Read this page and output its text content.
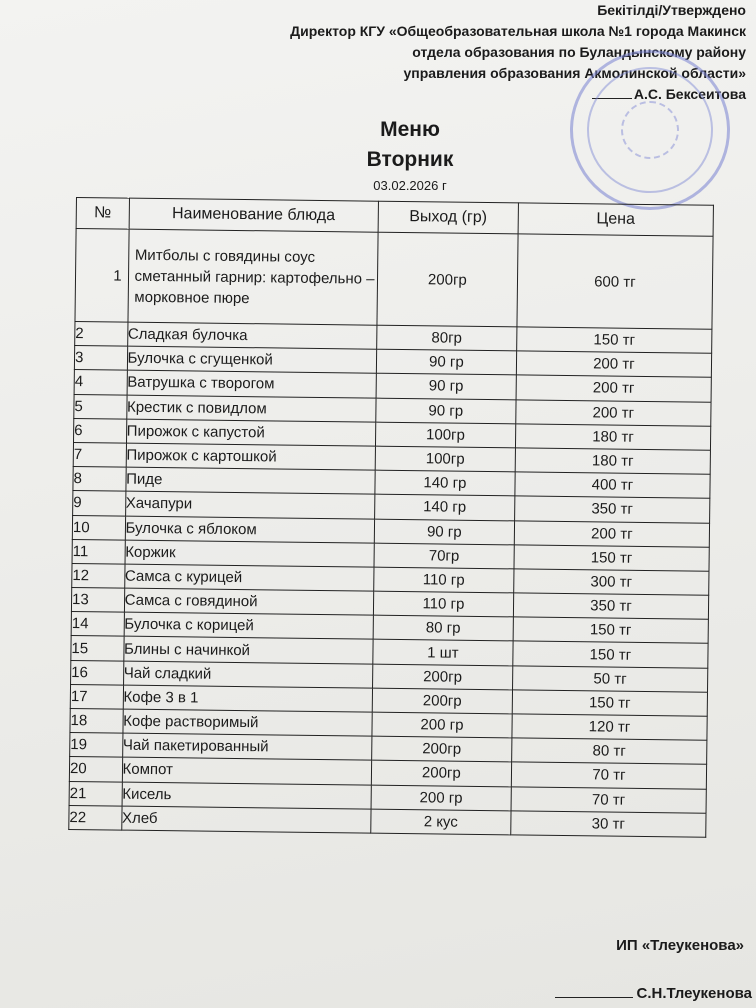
Бекітілді/Утверждено
Директор КГУ «Общеобразовательная школа №1 города Макинск
отдела образования по Буландынскому району
управления образования Акмолинской области»
А.С. Бексеитова
Меню
Вторник
03.02.2026 г
№	Наименование блюда	Выход (гр)	Цена
1	Митболы с говядины соус сметанный гарнир: картофельно – морковное пюре	200гр	600 тг
2	Сладкая булочка	80гр	150 тг
3	Булочка с сгущенкой	90 гр	200 тг
4	Ватрушка с творогом	90 гр	200 тг
5	Крестик с повидлом	90 гр	200 тг
6	Пирожок с капустой	100гр	180 тг
7	Пирожок с картошкой	100гр	180 тг
8	Пиде	140 гр	400 тг
9	Хачапури	140 гр	350 тг
10	Булочка с яблоком	90 гр	200 тг
11	Коржик	70гр	150 тг
12	Самса с курицей	110 гр	300 тг
13	Самса с говядиной	110 гр	350 тг
14	Булочка с корицей	80 гр	150 тг
15	Блины с начинкой	1 шт	150 тг
16	Чай сладкий	200гр	50 тг
17	Кофе 3 в 1	200гр	150 тг
18	Кофе растворимый	200 гр	120 тг
19	Чай пакетированный	200гр	80 тг
20	Компот	200гр	70 тг
21	Кисель	200 гр	70 тг
22	Хлеб	2 кус	30 тг
ИП «Тлеукенова»
С.Н.Тлеукенова
